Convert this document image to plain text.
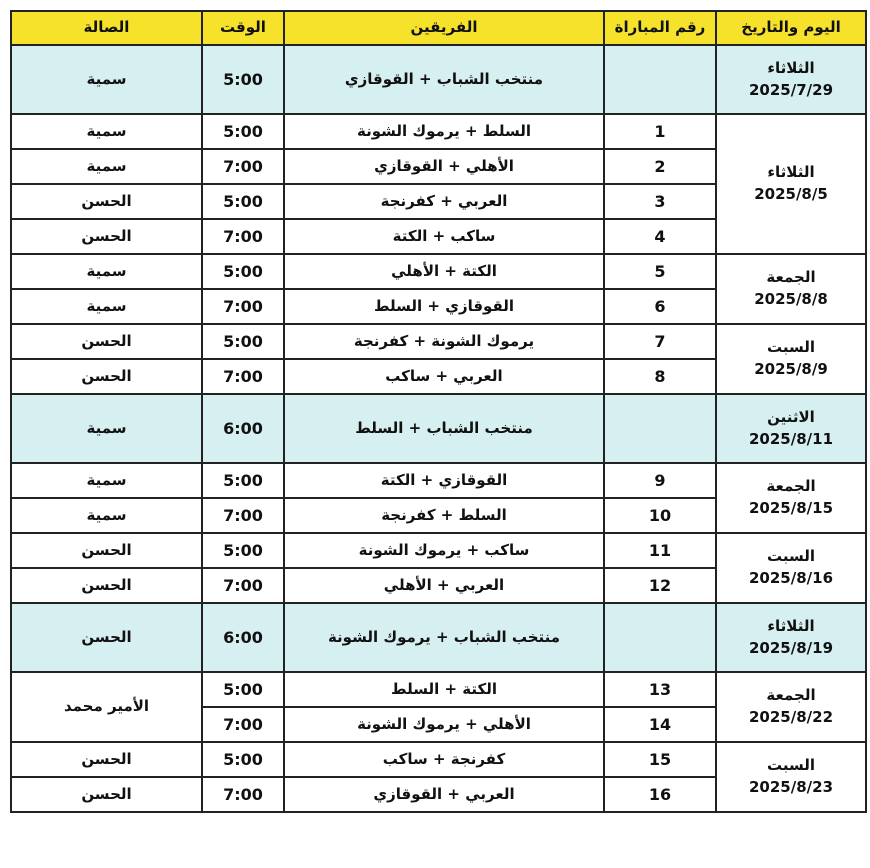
اليوم والتاريخ	رقم المباراة	الفريقين	الوقت	الصالة

الثلاثاء
2025/7/29		منتخب الشباب + القوقازي	5:00	سمية

الثلاثاء
2025/8/5	1	السلط + يرموك الشونة	5:00	سمية
	2	الأهلي + القوقازي	7:00	سمية
	3	العربي + كفرنجة	5:00	الحسن
	4	ساكب + الكتة	7:00	الحسن

الجمعة
2025/8/8	5	الكتة + الأهلي	5:00	سمية
	6	القوقازي + السلط	7:00	سمية

السبت
2025/8/9	7	يرموك الشونة + كفرنجة	5:00	الحسن
	8	العربي + ساكب	7:00	الحسن

الاثنين
2025/8/11		منتخب الشباب + السلط	6:00	سمية

الجمعة
2025/8/15	9	القوقازي + الكتة	5:00	سمية
	10	السلط + كفرنجة	7:00	سمية

السبت
2025/8/16	11	ساكب + يرموك الشونة	5:00	الحسن
	12	العربي + الأهلي	7:00	الحسن

الثلاثاء
2025/8/19		منتخب الشباب + يرموك الشونة	6:00	الحسن

الجمعة
2025/8/22	13	الكتة + السلط	5:00	الأمير محمد
	14	الأهلي + يرموك الشونة	7:00	

السبت
2025/8/23	15	كفرنجة + ساكب	5:00	الحسن
	16	العربي + القوقازي	7:00	الحسن
